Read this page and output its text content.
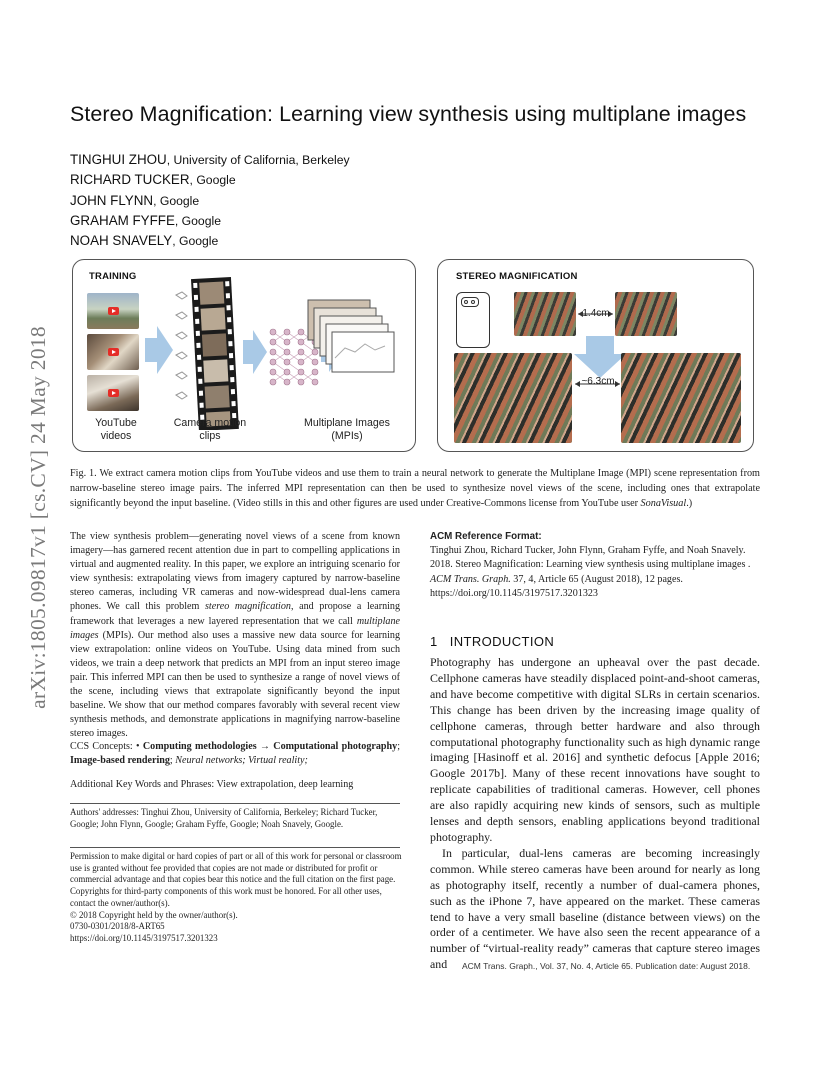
arXiv:1805.09817v1 [cs.CV] 24 May 2018
Stereo Magnification: Learning view synthesis using multiplane images
TINGHUI ZHOU, University of California, Berkeley
RICHARD TUCKER, Google
JOHN FLYNN, Google
GRAHAM FYFFE, Google
NOAH SNAVELY, Google
TRAINING
YouTube
videos
Camera motion
clips
Multiplane Images
(MPIs)
STEREO MAGNIFICATION
1.4cm
~6.3cm
Fig. 1. We extract camera motion clips from YouTube videos and use them to train a neural network to generate the Multiplane Image (MPI) scene representation from narrow-baseline stereo image pairs. The inferred MPI representation can then be used to synthesize novel views of the scene, including ones that extrapolate significantly beyond the input baseline. (Video stills in this and other figures are used under Creative-Commons license from YouTube user SonaVisual.)
The view synthesis problem—generating novel views of a scene from known imagery—has garnered recent attention due in part to compelling applications in virtual and augmented reality. In this paper, we explore an intriguing scenario for view synthesis: extrapolating views from imagery captured by narrow-baseline stereo cameras, including VR cameras and now-widespread dual-lens camera phones. We call this problem stereo magnification, and propose a learning framework that leverages a new layered representation that we call multiplane images (MPIs). Our method also uses a massive new data source for learning view extrapolation: online videos on YouTube. Using data mined from such videos, we train a deep network that predicts an MPI from an input stereo image pair. This inferred MPI can then be used to synthesize a range of novel views of the scene, including views that extrapolate significantly beyond the input baseline. We show that our method compares favorably with several recent view synthesis methods, and demonstrate applications in magnifying narrow-baseline stereo images.
CCS Concepts: • Computing methodologies → Computational photography; Image-based rendering; Neural networks; Virtual reality;
Additional Key Words and Phrases: View extrapolation, deep learning
Authors' addresses: Tinghui Zhou, University of California, Berkeley; Richard Tucker, Google; John Flynn, Google; Graham Fyffe, Google; Noah Snavely, Google.
Permission to make digital or hard copies of part or all of this work for personal or classroom use is granted without fee provided that copies are not made or distributed for profit or commercial advantage and that copies bear this notice and the full citation on the first page. Copyrights for third-party components of this work must be honored. For all other uses, contact the owner/author(s).
© 2018 Copyright held by the owner/author(s).
0730-0301/2018/8-ART65
https://doi.org/10.1145/3197517.3201323
ACM Reference Format:
Tinghui Zhou, Richard Tucker, John Flynn, Graham Fyffe, and Noah Snavely. 2018. Stereo Magnification: Learning view synthesis using multiplane images . ACM Trans. Graph. 37, 4, Article 65 (August 2018), 12 pages. https://doi.org/10.1145/3197517.3201323
1 INTRODUCTION

Photography has undergone an upheaval over the past decade. Cellphone cameras have steadily displaced point-and-shoot cameras, and have become competitive with digital SLRs in certain scenarios. This change has been driven by the increasing image quality of cellphone cameras, through better hardware and also through computational photography functionality such as high dynamic range imaging [Hasinoff et al. 2016] and synthetic defocus [Apple 2016; Google 2017b]. Many of these recent innovations have sought to replicate capabilities of traditional cameras. However, cell phones are also rapidly acquiring new kinds of sensors, such as multiple lenses and depth sensors, enabling applications beyond traditional photography.

In particular, dual-lens cameras are becoming increasingly common. While stereo cameras have been around for nearly as long as photography itself, recently a number of dual-camera phones, such as the iPhone 7, have appeared on the market. These cameras tend to have a very small baseline (distance between views) on the order of a centimeter. We have also seen the recent appearance of a number of “virtual-reality ready” cameras that capture stereo images and	ACM Trans. Graph., Vol. 37, No. 4, Article 65. Publication date: August 2018.
